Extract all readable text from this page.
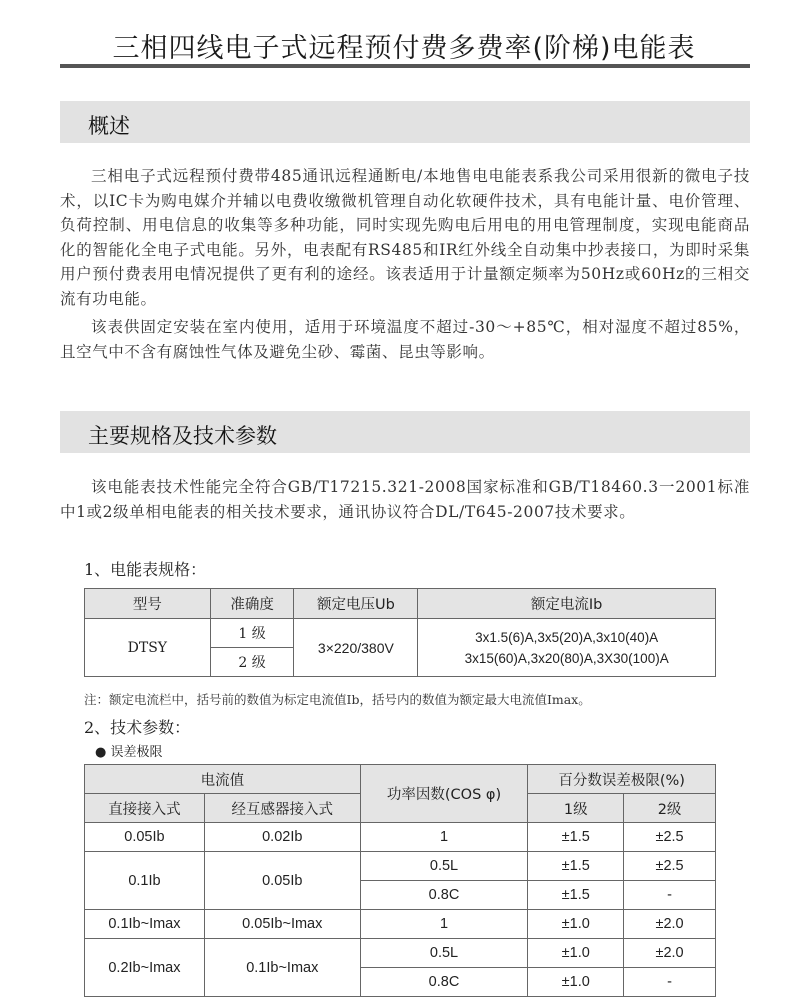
三相四线电子式远程预付费多费率(阶梯)电能表
概述

三相电子式远程预付费带485通讯远程通断电/本地售电电能表系我公司采用很新的微电子技术，以IC卡为购电媒介并辅以电费收缴微机管理自动化软硬件技术，具有电能计量、电价管理、负荷控制、用电信息的收集等多种功能，同时实现先购电后用电的用电管理制度，实现电能商品化的智能化全电子式电能。另外，电表配有RS485和IR红外线全自动集中抄表接口，为即时采集用户预付费表用电情况提供了更有利的途经。该表适用于计量额定频率为50Hz或60Hz的三相交流有功电能。

该表供固定安装在室内使用，适用于环境温度不超过-30～+85℃，相对湿度不超过85%，且空气中不含有腐蚀性气体及避免尘砂、霉菌、昆虫等影响。

主要规格及技术参数

该电能表技术性能完全符合GB/T17215.321-2008国家标准和GB/T18460.3一2001标准中1或2级单相电能表的相关技术要求，通讯协议符合DL/T645-2007技术要求。

1、电能表规格：
型号	准确度	额定电压Ub	额定电流Ib
DTSY	1 级	3×220/380V	3x1.5(6)A,3x5(20)A,3x10(40)A
3x15(60)A,3x20(80)A,3X30(100)A

	2 级		
注：额定电流栏中，括号前的数值为标定电流值Ib，括号内的数值为额定最大电流值Imax。
2、技术参数：
● 误差极限
电流值		功率因数(COS φ)	百分数误差极限(%)	
直接接入式	经互感器接入式		1级	2级
0.05Ib	0.02Ib	1	±1.5	±2.5
0.1Ib	0.05Ib	0.5L	±1.5	±2.5
		0.8C	±1.5	-
0.1Ib~Imax	0.05Ib~Imax	1	±1.0	±2.0
0.2Ib~Imax	0.1Ib~Imax	0.5L	±1.0	±2.0
		0.8C	±1.0	-
